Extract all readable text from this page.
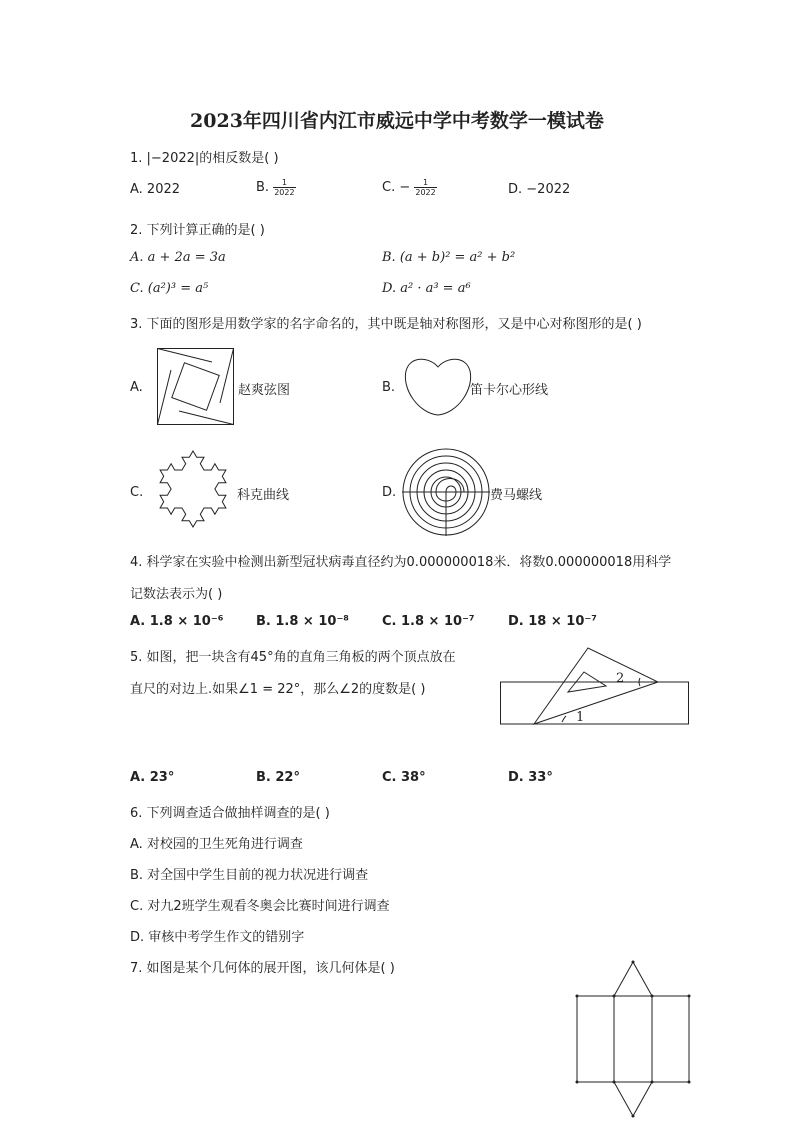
2023年四川省内江市威远中学中考数学一模试卷
1. |−2022|的相反数是( )
A. 2022	B. $\frac{1}{2022}$	C. − $\frac{1}{2022}$	D. −2022
2. 下列计算正确的是( )
A. a + 2a = 3a	B. (a + b)² = a² + b²
C. (a²)³ = a⁵	D. a² · a³ = a⁶
3. 下面的图形是用数学家的名字命名的，其中既是轴对称图形，又是中心对称图形的是( )
A.	赵爽弦图	B.	笛卡尔心形线
C.	科克曲线	D.	费马螺线
4. 科学家在实验中检测出新型冠状病毒直径约为0.000000018米．将数0.000000018用科学
记数法表示为( )
A. 1.8 × 10⁻⁶	B. 1.8 × 10⁻⁸	C. 1.8 × 10⁻⁷	D. 18 × 10⁻⁷
5. 如图，把一块含有45°角的直角三角板的两个顶点放在
直尺的对边上.如果∠1 = 22°，那么∠2的度数是( )
1
2
A. 23°	B. 22°	C. 38°	D. 33°
6. 下列调查适合做抽样调查的是( )
A. 对校园的卫生死角进行调查
B. 对全国中学生目前的视力状况进行调查
C. 对九2班学生观看冬奥会比赛时间进行调查
D. 审核中考学生作文的错别字
7. 如图是某个几何体的展开图，该几何体是( )
